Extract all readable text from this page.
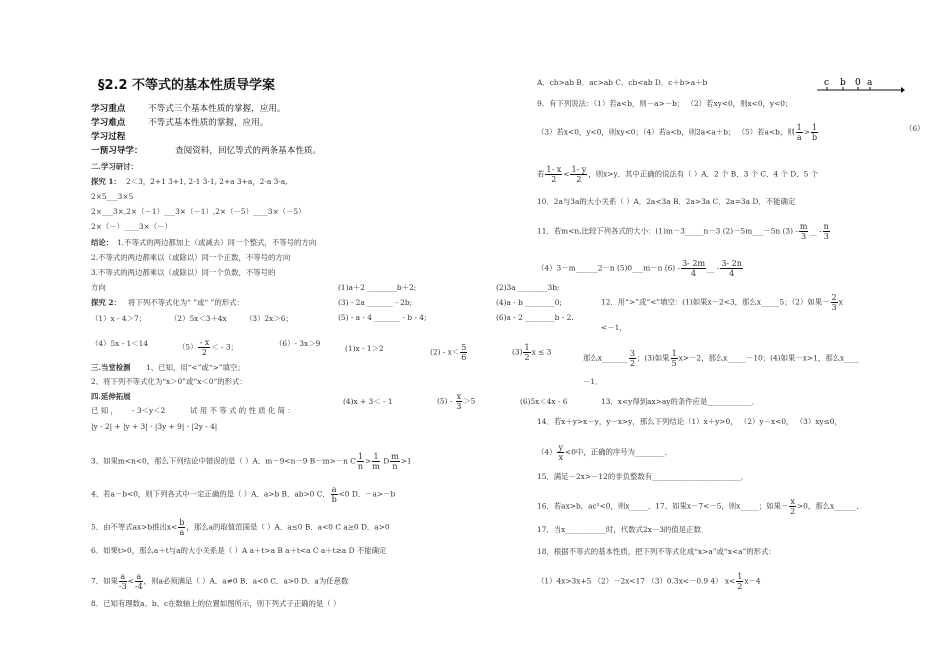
§2.2 不等式的基本性质导学案
学习重点	不等式三个基本性质的掌握，应用。
学习难点	不等式基本性质的掌握，应用。
学习过程
一预习导学：	查阅资料，回忆等式的两条基本性质。
二.学习研讨：
探究 1： 2＜3，2+1 3+1, 2-1 3-1, 2+a 3+a，2-a 3-a,
2×5___3×5
2×___3×,2×（－1）___3×（－1）,2×（－5）____3×（－5）
2×（－）____3×（－）
结论： 1.不等式的两边都加上（或减去）同一个整式，不等号的方向
2.不等式的两边都乘以（或除以）同一个正数，不等号的方向
3.不等式的两边都乘以（或除以）同一个负数，不等号的
方向
探究 2： 将下列不等式化为“ ”或“ ”的形式：
（1）x - 4＞7；	（2）5x＜3＋4x （3）2x＞6；
（4）5x - 1＜14	$(5) \frac{- x}{2}$ ＜ - 3；	（6）- 3x＞9
(1)a＋2 ________b＋2;	(2)3a ________3b;
(3) - 2a _______ - 2b;	(4)a - b ________0;
(5) - a - 4 _______ - b - 4;	(6)a - 2 ________b - 2.
(1)x - 1＞2	$(2) - x< \frac{5}{6}$	$(3) \frac{1}{2}$ x ≤ 3
三.当堂检测 1、已知，用“<”或“>”填空；
2、将下列不等式化为“x＞0”或“x＜0”的形式：
四.延伸拓展
已 知 ， - 3＜y＜2	试 用 不 等 式 的 性 质 化 简 ：
|y - 2| + |y + 3| - |3y + 9| - |2y - 4|
(4)x + 3＜ - 1	$(5) - \frac{x}{3} >5$	(6)5x＜4x - 6
3、如果m<n<0，那么下列结论中错误的是（ ）A．m－9<n－9 B－m>－n C $\frac{1}{n} > \frac{1}{m}$ D $\frac{m}{n} >1$
4、若a－b<0，则下列各式中一定正确的是（ ）A．a>b B．ab>0 C． $\frac{a}{b} <0$ D．－a>－b
5．由不等式ax>b推出$x< \frac{b}{a}$ ，那么a的取值范围是（ ）A．a≤0 B．a<0 C a≥0 D．a>0
6．如果t>0，那么a＋t与a的大小关系是（ ）A a＋t>a B a＋t<a C a＋t≥a D 不能确定
7．如果 $\frac{a}{-3} < \frac{a}{-4}$ ，则a必须满足（ ）A．a≠0 B．a<0 C．a>0 D．a为任意数
8．已知有理数a、b、c在数轴上的位置如图所示，则下列式子正确的是（ ）
A．cb>ab B．ac>ab C．cb<ab D．c＋b>a＋b	c b 0 a
9．有下列说法：（1）若a<b，则－a>－b； （2）若xy<0，则x<0，y<0；
（3）若x<0，y<0，则xy<0；（4）若a<b，则2a<a＋b； （5）若a<b，则 $\frac{1}{a} > \frac{1}{b}$	（6）
若 $\frac{1- x}{2} < \frac{1- y}{2}$ ，则x>y．其中正确的说法有（ ）A．2 个 B．3 个 C．4 个 D．5 个
10．2a与3a的大小关系（ ）A．2a<3a B．2a>3a C．2a=3a D．不能确定
11．若m<n,比较下列各式的大小：(1)m－3_____n－3 (2)－5m___－5n $(3) - \frac{m}{3}$ __ - $\frac{n}{3}$
（4）3－m______2－n (5)0___m－n $(6) - \frac{3- 2m}{4}$ __ - $\frac{3- 2n}{4}$
12．用“>”或“<”填空：(1)如果x－2<3，那么x_____5；（2）如果－ $\frac{2}{3}$ x
<－1，
那么x_______ $\frac{3}{2}$ ；(3)如果 $\frac{1}{5} x>-2$，那么x_____－10；(4)如果－x>1，那么x____
－1．
13．x<y得到ax>ay的条件应是____________．
14．若x＋y>x－y，y－x>y，那么下列结论（1）x＋y>0， （2）y－x<0， （3）xy≤0，
$(4) \frac{y}{x} <0$中，正确的序号为________．
15．满足－2x>－12的非负整数有________________________．
16．若ax>b，ac²<0，则x_____．17、如果x－7<－5，则x_____；如果－ $\frac{x}{2} >0$，那么x______．
17．当x___________时，代数式2x－3的值是正数．
18．根据不等式的基本性质，把下列不等式化成“x>a”或“x<a”的形式：
（1）4x>3x+5 （2）－2x<17 （3）0.3x<－0.9 4） $x< \frac{1}{2} x-4$
